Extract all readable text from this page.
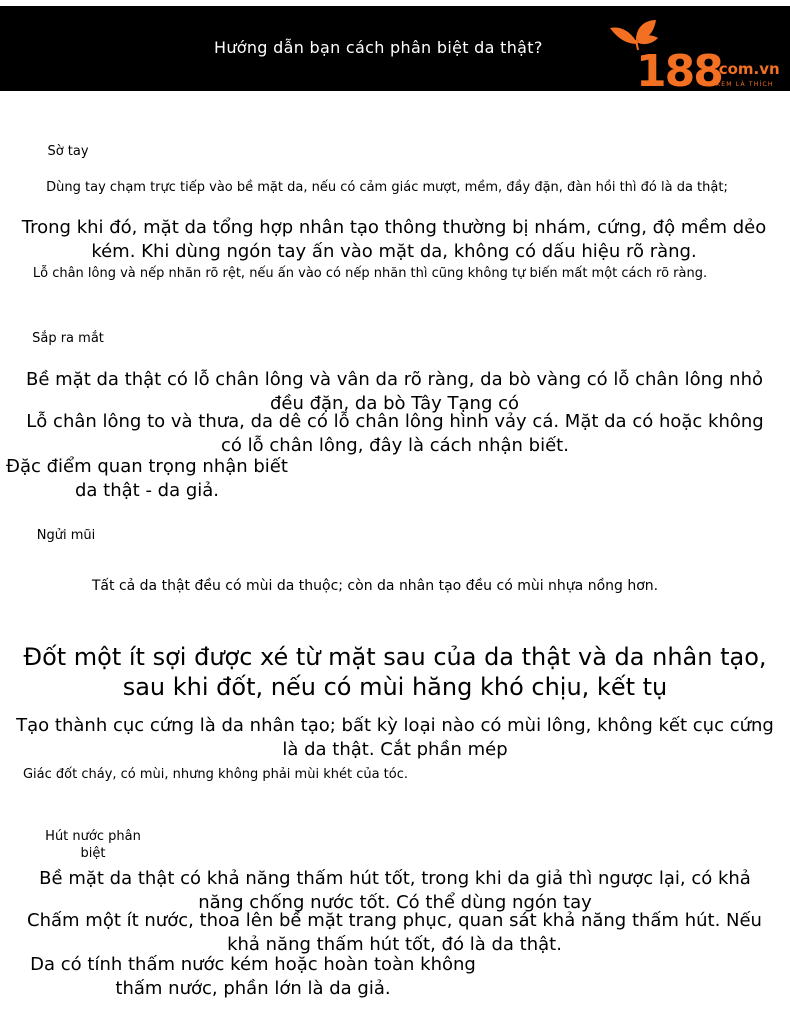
Hướng dẫn bạn cách phân biệt da thật? 188
.com.vn
XEM LÀ THÍCH
Sờ tay
Dùng tay chạm trực tiếp vào bề mặt da, nếu có cảm giác mượt, mềm, đầy đặn, đàn hồi thì đó là da thật;
Trong khi đó, mặt da tổng hợp nhân tạo thông thường bị nhám, cứng, độ mềm dẻo kém. Khi dùng ngón tay ấn vào mặt da, không có dấu hiệu rõ ràng.
Lỗ chân lông và nếp nhăn rõ rệt, nếu ấn vào có nếp nhăn thì cũng không tự biến mất một cách rõ ràng.
Sắp ra mắt
Bề mặt da thật có lỗ chân lông và vân da rõ ràng, da bò vàng có lỗ chân lông nhỏ đều đặn, da bò Tây Tạng có
Lỗ chân lông to và thưa, da dê có lỗ chân lông hình vảy cá. Mặt da có hoặc không có lỗ chân lông, đây là cách nhận biết.
Đặc điểm quan trọng nhận biết da thật - da giả.
Ngửi mũi
Tất cả da thật đều có mùi da thuộc; còn da nhân tạo đều có mùi nhựa nồng hơn.
Đốt một ít sợi được xé từ mặt sau của da thật và da nhân tạo, sau khi đốt, nếu có mùi hăng khó chịu, kết tụ
Tạo thành cục cứng là da nhân tạo; bất kỳ loại nào có mùi lông, không kết cục cứng là da thật. Cắt phần mép
Giác đốt cháy, có mùi, nhưng không phải mùi khét của tóc.
Hút nước phân biệt
Bề mặt da thật có khả năng thấm hút tốt, trong khi da giả thì ngược lại, có khả năng chống nước tốt. Có thể dùng ngón tay
Chấm một ít nước, thoa lên bề mặt trang phục, quan sát khả năng thấm hút. Nếu khả năng thấm hút tốt, đó là da thật.
Da có tính thấm nước kém hoặc hoàn toàn không thấm nước, phần lớn là da giả.
